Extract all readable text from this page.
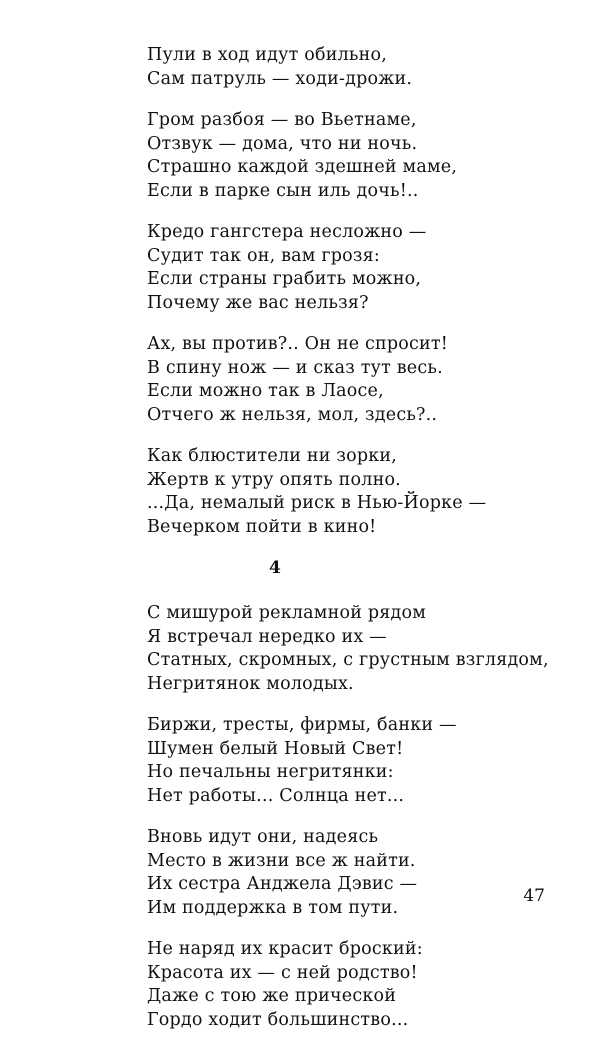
Пули в ход идут обильно,
Сам патруль — ходи-дрожи.
Гром разбоя — во Вьетнаме,
Отзвук — дома, что ни ночь.
Страшно каждой здешней маме,
Если в парке сын иль дочь!..
Кредо гангстера несложно —
Судит так он, вам грозя:
Если страны грабить можно,
Почему же вас нельзя?
Ах, вы против?.. Он не спросит!
В спину нож — и сказ тут весь.
Если можно так в Лаосе,
Отчего ж нельзя, мол, здесь?..
Как блюстители ни зорки,
Жертв к утру опять полно.
...Да, немалый риск в Нью-Йорке —
Вечерком пойти в кино!
4
С мишурой рекламной рядом
Я встречал нередко их —
Статных, скромных, с грустным взглядом,
Негритянок молодых.
Биржи, тресты, фирмы, банки —
Шумен белый Новый Свет!
Но печальны негритянки:
Нет работы... Солнца нет...
Вновь идут они, надеясь
Место в жизни все ж найти.
Их сестра Анджела Дэвис —
Им поддержка в том пути.
Не наряд их красит броский:
Красота их — с ней родство!
Даже с тою же прической
Гордо ходит большинство...
47
